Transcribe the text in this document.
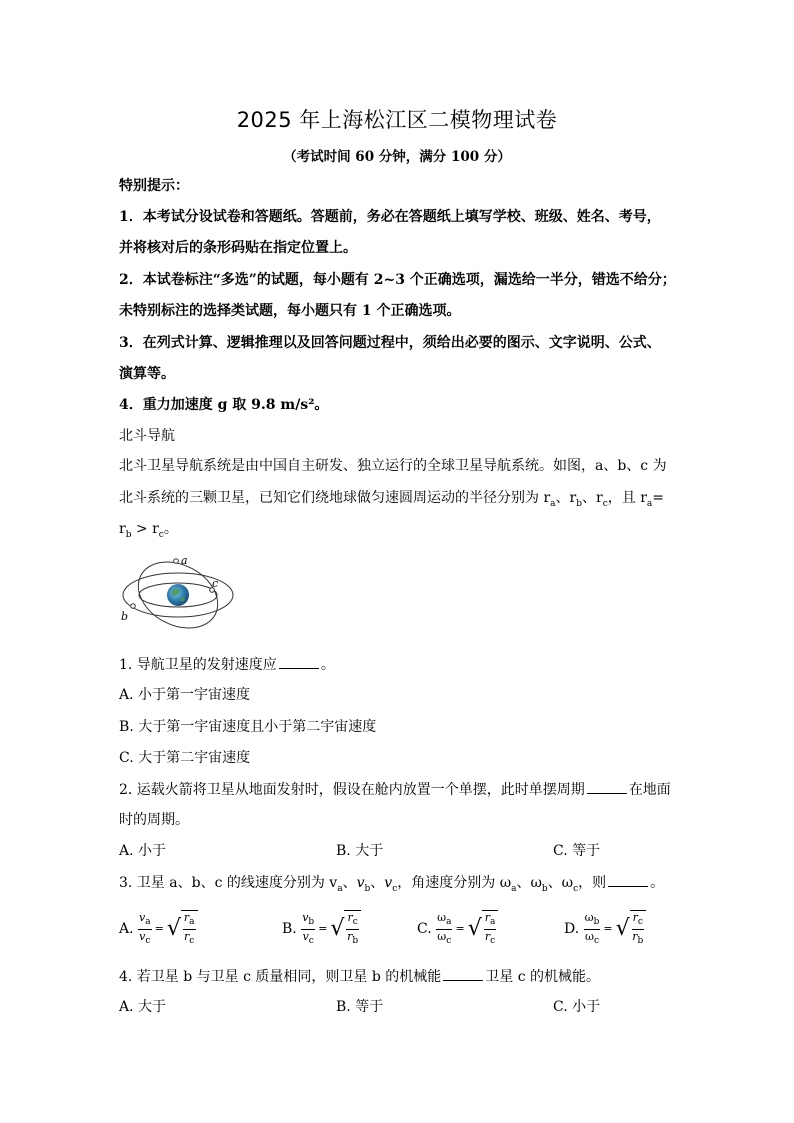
2025 年上海松江区二模物理试卷
（考试时间 60 分钟，满分 100 分）
特别提示：
1．本考试分设试卷和答题纸。答题前，务必在答题纸上填写学校、班级、姓名、考号，
并将核对后的条形码贴在指定位置上。
2．本试卷标注“多选”的试题，每小题有 2~3 个正确选项，漏选给一半分，错选不给分；
未特别标注的选择类试题，每小题只有 1 个正确选项。
3．在列式计算、逻辑推理以及回答问题过程中，须给出必要的图示、文字说明、公式、
演算等。
4．重力加速度 g 取 9.8 m/s²。
北斗导航
北斗卫星导航系统是由中国自主研发、独立运行的全球卫星导航系统。如图，a、b、c 为
北斗系统的三颗卫星，已知它们绕地球做匀速圆周运动的半径分别为 $r_a$、$r_b$、$r_c$，且 $r_a=$
$r_b > r_c$。
a
c
b
1. 导航卫星的发射速度应	。
A. 小于第一宇宙速度
B. 大于第一宇宙速度且小于第二宇宙速度
C. 大于第二宇宙速度
2. 运载火箭将卫星从地面发射时，假设在舱内放置一个单摆，此时单摆周期	在地面
时的周期。
A. 小于	B. 大于	C. 等于
3. 卫星 a、b、c 的线速度分别为 $v_a$、$v_b$、$v_c$，角速度分别为 $\omega_a$、$\omega_b$、$\omega_c$，则	。
A. $\frac{v_a}{v_c}$ = √ $\frac{r_a}{r_c}$	B. $\frac{v_b}{v_c}$ = √ $\frac{r_c}{r_b}$	C. $\frac{\omega_a}{\omega_c}$ = √ $\frac{r_a}{r_c}$	D. $\frac{\omega_b}{\omega_c}$ = √ $\frac{r_c}{r_b}$
4. 若卫星 b 与卫星 c 质量相同，则卫星 b 的机械能	卫星 c 的机械能。
A. 大于	B. 等于	C. 小于
